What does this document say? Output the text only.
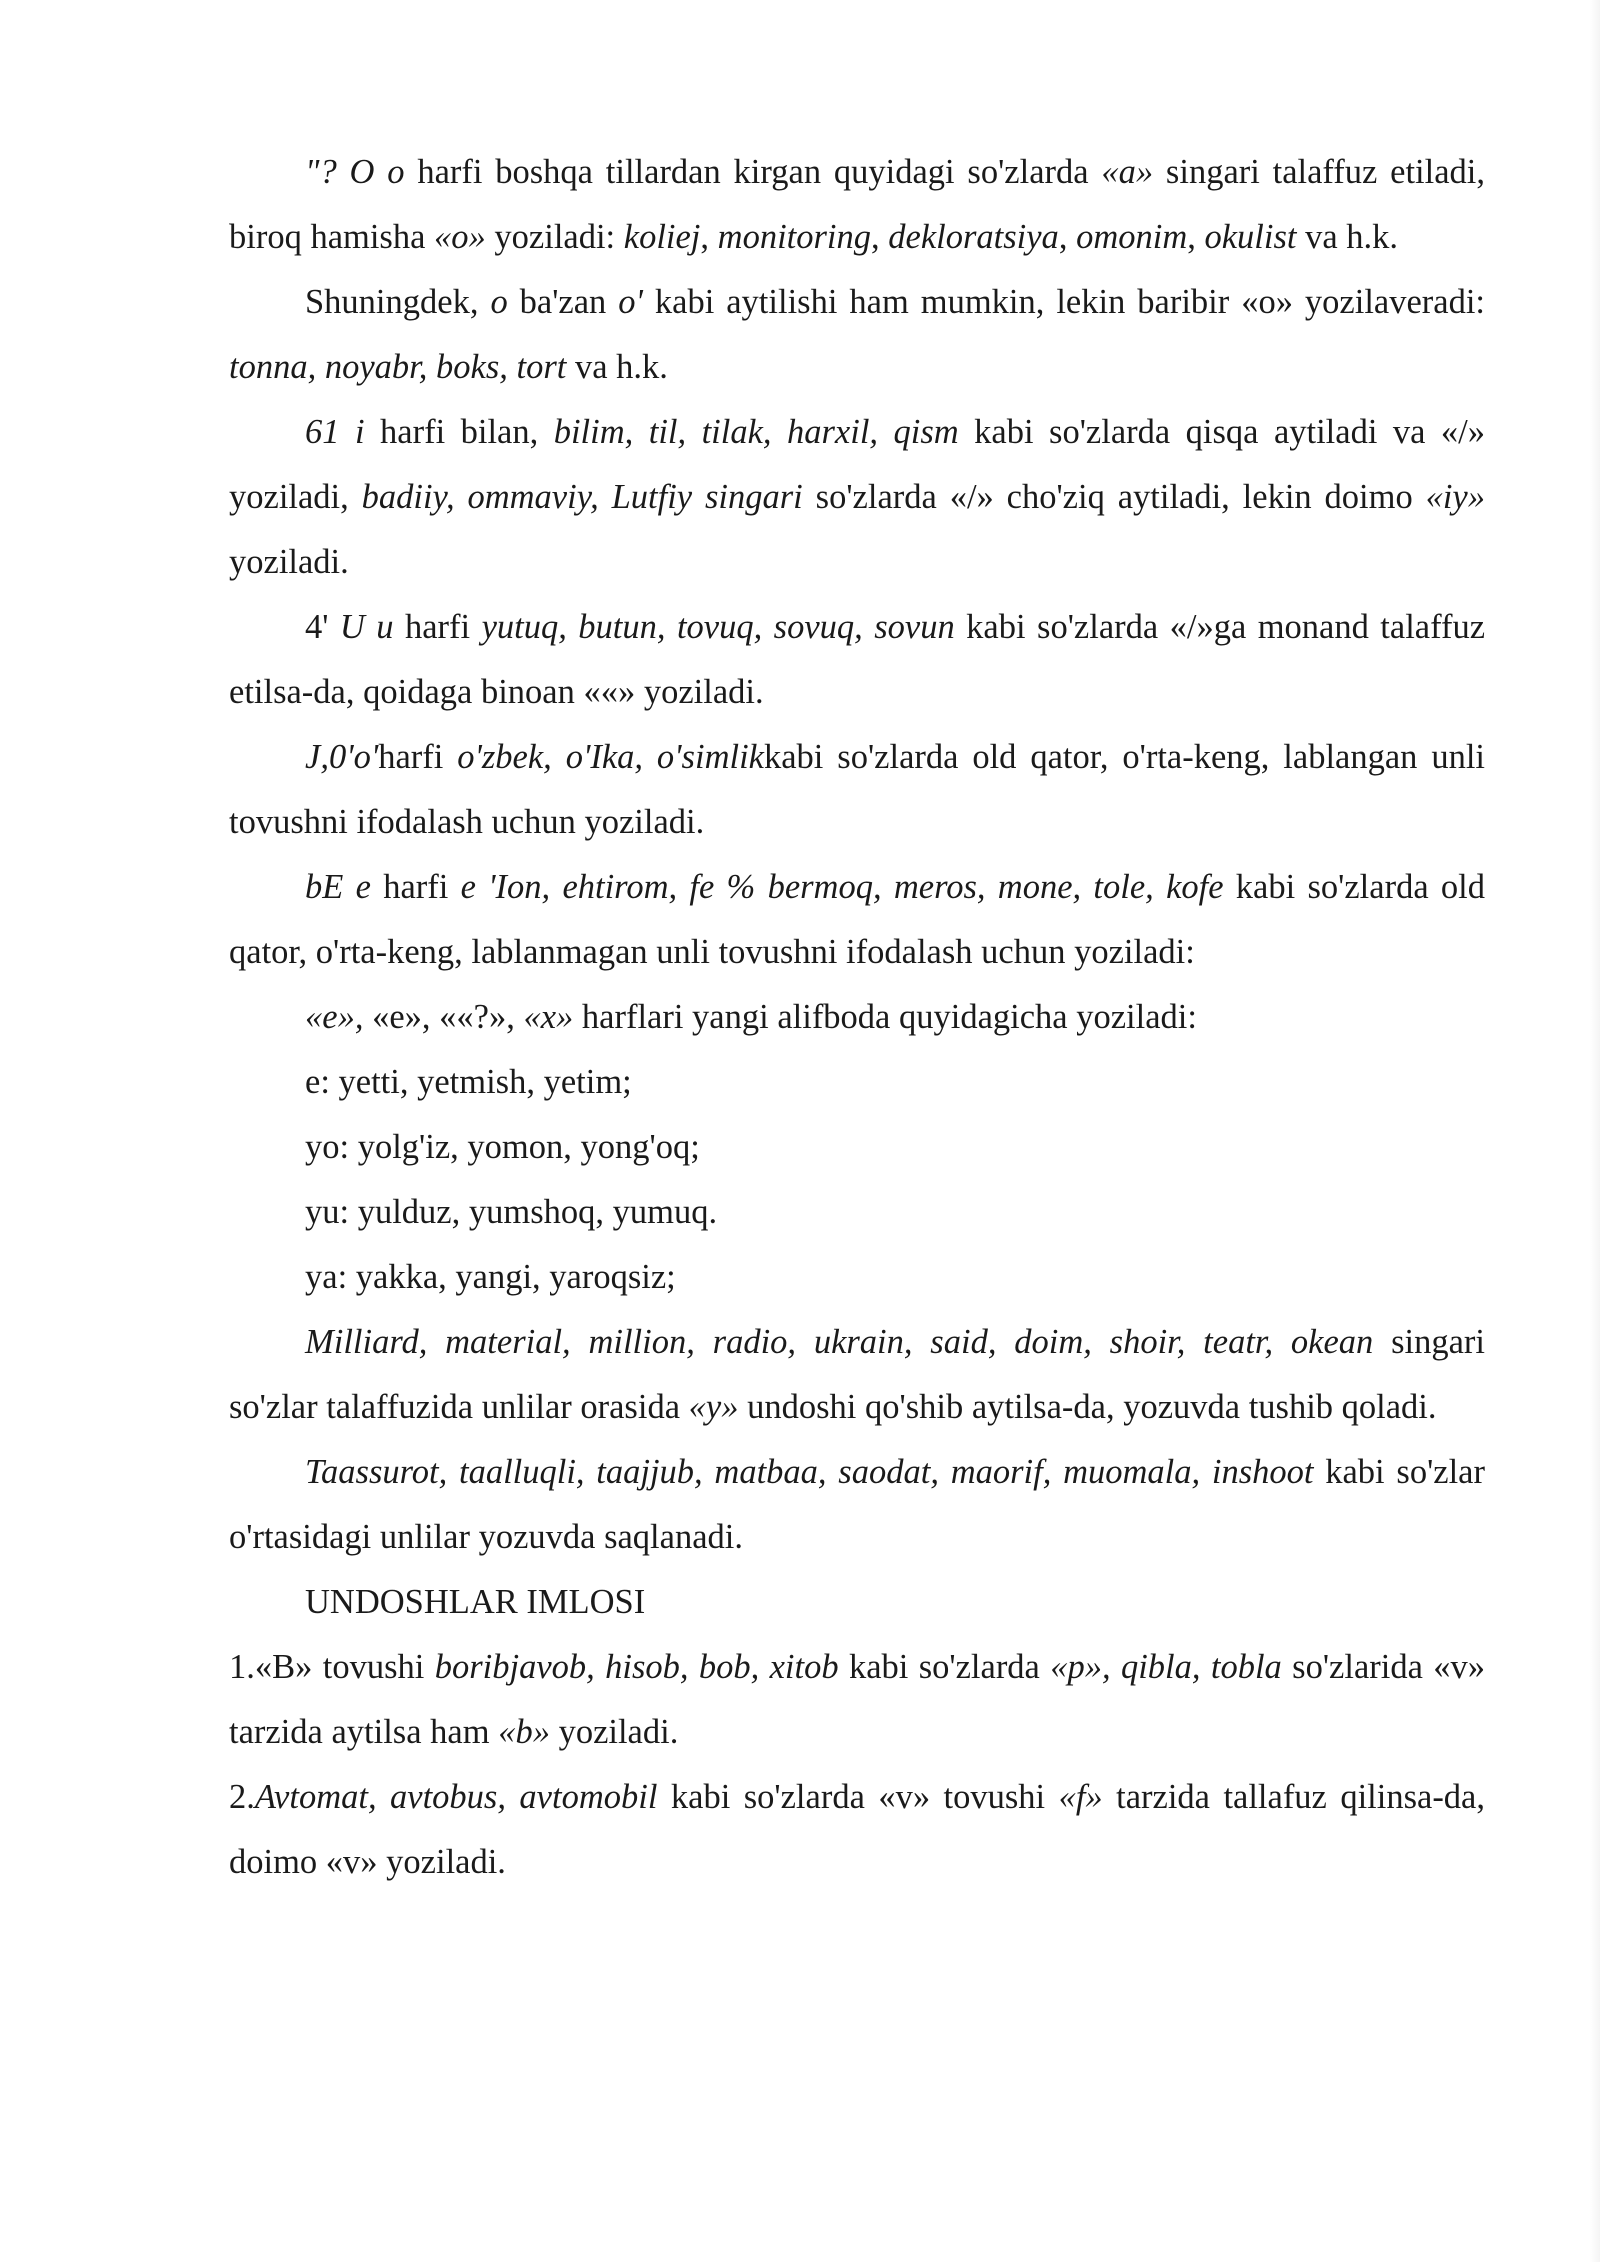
"? O o harfi boshqa tillardan kirgan quyidagi so'zlarda «a» singari talaffuz etiladi, biroq hamisha «o» yoziladi: koliej, monitoring, dekloratsiya, omonim, okulist va h.k.

Shuningdek, o ba'zan o' kabi aytilishi ham mumkin, lekin baribir «o» yozilaveradi: tonna, noyabr, boks, tort va h.k.

61 i harfi bilan, bilim, til, tilak, harxil, qism kabi so'zlarda qisqa aytiladi va «/» yoziladi, badiiy, ommaviy, Lutfiy singari so'zlarda «/» cho'ziq aytiladi, lekin doimo «iy» yoziladi.

4' U u harfi yutuq, butun, tovuq, sovuq, sovun kabi so'zlarda «/»ga monand talaffuz etilsa-da, qoidaga binoan ««» yoziladi.

J,0'o'harfi o'zbek, o'Ika, o'simlikkabi so'zlarda old qator, o'rta-keng, lablangan unli tovushni ifodalash uchun yoziladi.

bE e harfi e 'Ion, ehtirom, fe % bermoq, meros, mone, tole, kofe kabi so'zlarda old qator, o'rta-keng, lablanmagan unli tovushni ifodalash uchun yoziladi:

«e», «e», ««?», «x» harflari yangi alifboda quyidagicha yoziladi:

e: yetti, yetmish, yetim;

yo: yolg'iz, yomon, yong'oq;

yu: yulduz, yumshoq, yumuq.

ya: yakka, yangi, yaroqsiz;

Milliard, material, million, radio, ukrain, said, doim, shoir, teatr, okean singari so'zlar talaffuzida unlilar orasida «y» undoshi qo'shib aytilsa-da, yozuvda tushib qoladi.

Taassurot, taalluqli, taajjub, matbaa, saodat, maorif, muomala, inshoot kabi so'zlar o'rtasidagi unlilar yozuvda saqlanadi.

UNDOSHLAR IMLOSI

1.«B» tovushi boribjavob, hisob, bob, xitob kabi so'zlarda «p», qibla, tobla so'zlarida «v» tarzida aytilsa ham «b» yoziladi.

2.Avtomat, avtobus, avtomobil kabi so'zlarda «v» tovushi «f» tarzida tallafuz qilinsa-da, doimo «v» yoziladi.
